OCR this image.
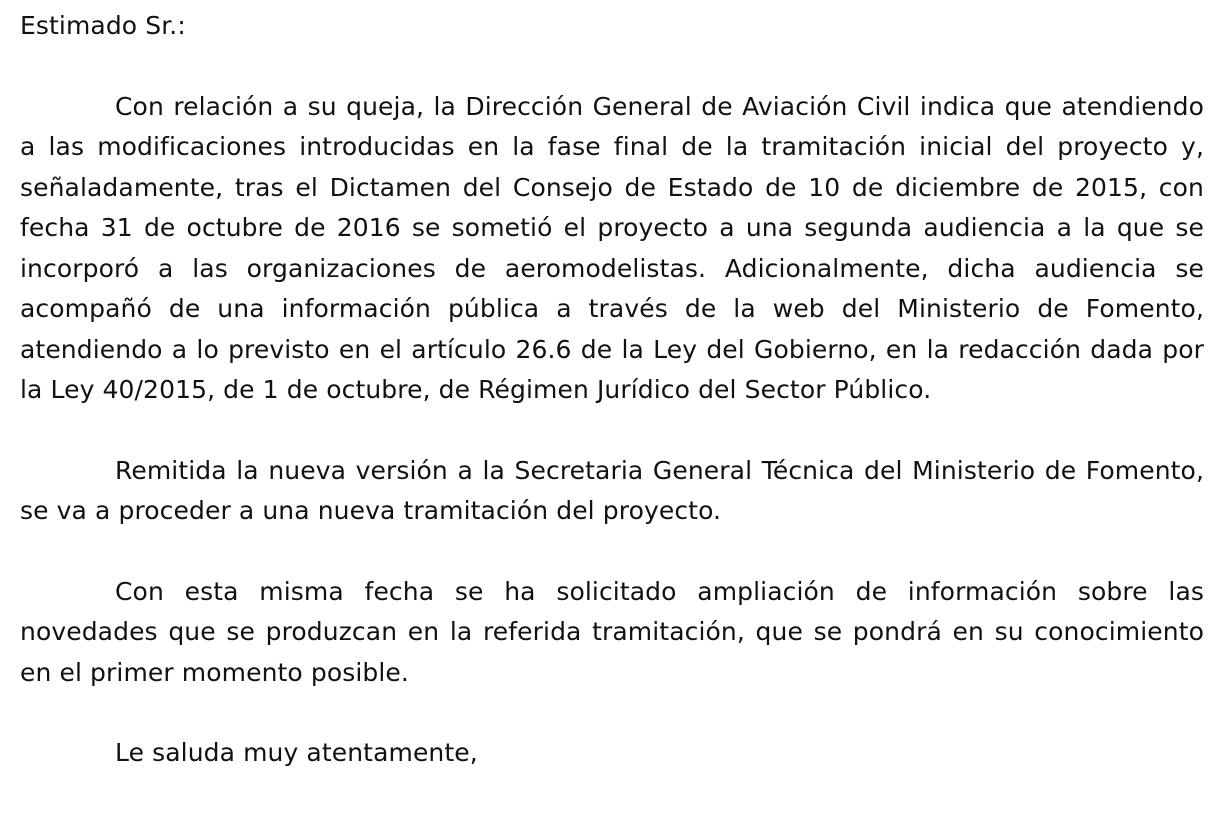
Estimado Sr.:

Con relación a su queja, la Dirección General de Aviación Civil indica que atendiendo a las modificaciones introducidas en la fase final de la tramitación inicial del proyecto y, señaladamente, tras el Dictamen del Consejo de Estado de 10 de diciembre de 2015, con fecha 31 de octubre de 2016 se sometió el proyecto a una segunda audiencia a la que se incorporó a las organizaciones de aeromodelistas. Adicionalmente, dicha audiencia se acompañó de una información pública a través de la web del Ministerio de Fomento, atendiendo a lo previsto en el artículo 26.6 de la Ley del Gobierno, en la redacción dada por la Ley 40/2015, de 1 de octubre, de Régimen Jurídico del Sector Público.

Remitida la nueva versión a la Secretaria General Técnica del Ministerio de Fomento, se va a proceder a una nueva tramitación del proyecto.

Con esta misma fecha se ha solicitado ampliación de información sobre las novedades que se produzcan en la referida tramitación, que se pondrá en su conocimiento en el primer momento posible.

Le saluda muy atentamente,
